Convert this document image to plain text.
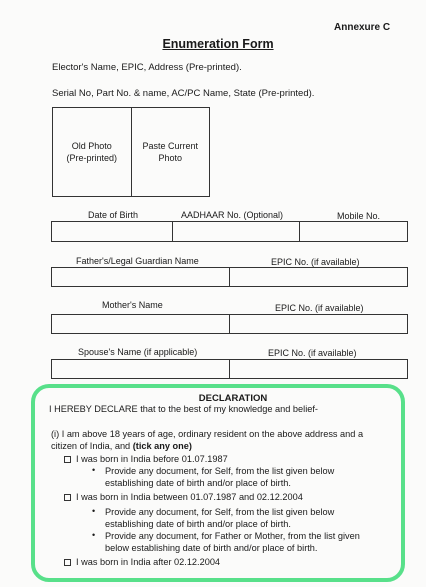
Annexure C
Enumeration Form
Elector's Name, EPIC, Address (Pre-printed).
Serial No, Part No. & name, AC/PC Name, State (Pre-printed).
Old Photo
(Pre-printed)
Paste Current
Photo
Date of Birth	AADHAAR No. (Optional)	Mobile No.
Father's/Legal Guardian Name	EPIC No. (if available)
Mother's Name	EPIC No. (if available)
Spouse's Name (if applicable)	EPIC No. (if available)
DECLARATION
I HEREBY DECLARE that to the best of my knowledge and belief-
(i) I am above 18 years of age, ordinary resident on the above address and a
citizen of India, and (tick any one)
I was born in India before 01.07.1987
• Provide any document, for Self, from the list given below
establishing date of birth and/or place of birth.
I was born in India between 01.07.1987 and 02.12.2004
• Provide any document, for Self, from the list given below
establishing date of birth and/or place of birth.
• Provide any document, for Father or Mother, from the list given
below establishing date of birth and/or place of birth.
I was born in India after 02.12.2004
